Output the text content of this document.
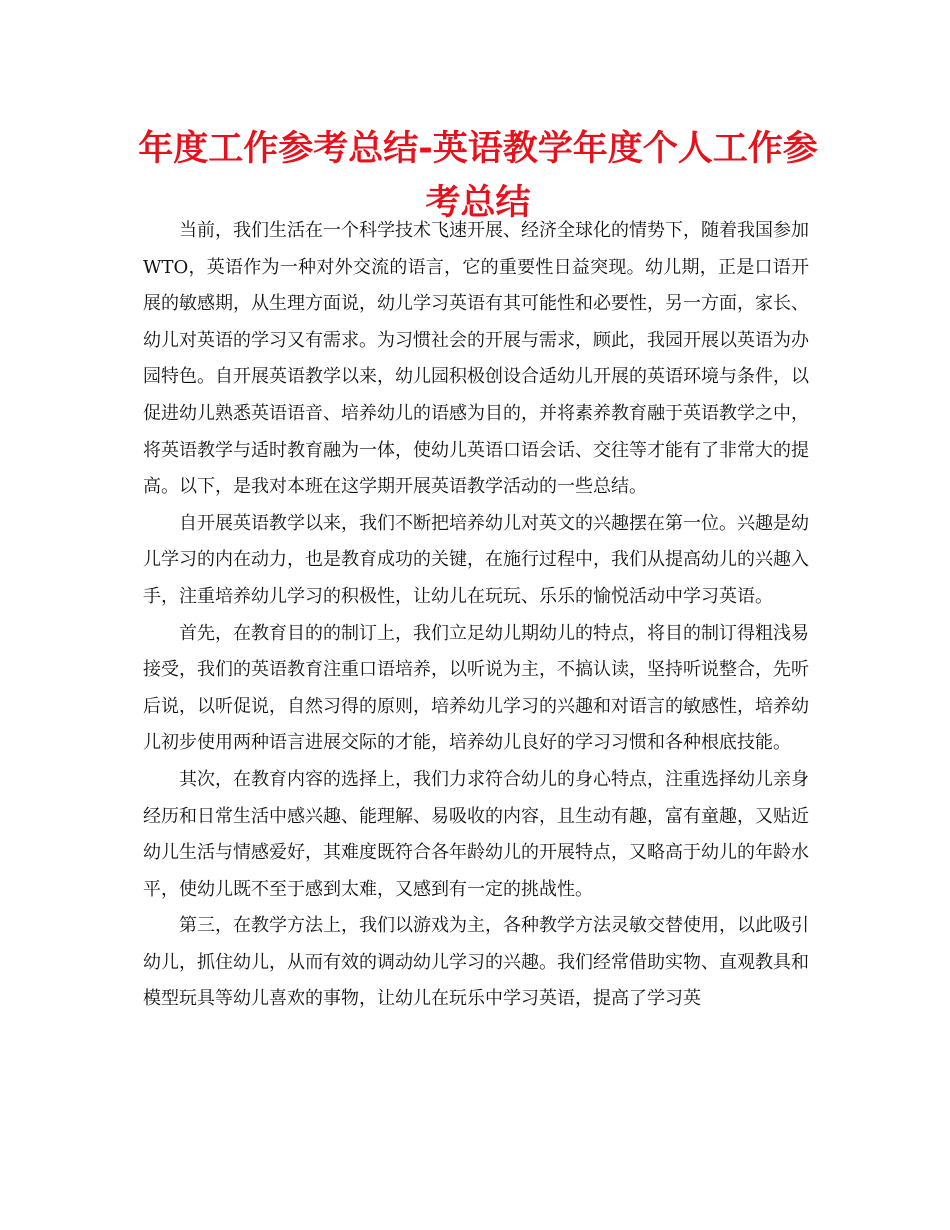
年度工作参考总结-英语教学年度个人工作参考总结

当前，我们生活在一个科学技术飞速开展、经济全球化的情势下，随着我国参加WTO，英语作为一种对外交流的语言，它的重要性日益突现。幼儿期，正是口语开展的敏感期，从生理方面说，幼儿学习英语有其可能性和必要性，另一方面，家长、幼儿对英语的学习又有需求。为习惯社会的开展与需求，顾此，我园开展以英语为办园特色。自开展英语教学以来，幼儿园积极创设合适幼儿开展的英语环境与条件，以促进幼儿熟悉英语语音、培养幼儿的语感为目的，并将素养教育融于英语教学之中，将英语教学与适时教育融为一体，使幼儿英语口语会话、交往等才能有了非常大的提高。以下，是我对本班在这学期开展英语教学活动的一些总结。

自开展英语教学以来，我们不断把培养幼儿对英文的兴趣摆在第一位。兴趣是幼儿学习的内在动力，也是教育成功的关键，在施行过程中，我们从提高幼儿的兴趣入手，注重培养幼儿学习的积极性，让幼儿在玩玩、乐乐的愉悦活动中学习英语。

首先，在教育目的的制订上，我们立足幼儿期幼儿的特点，将目的制订得粗浅易接受，我们的英语教育注重口语培养，以听说为主，不搞认读，坚持听说整合，先听后说，以听促说，自然习得的原则，培养幼儿学习的兴趣和对语言的敏感性，培养幼儿初步使用两种语言进展交际的才能，培养幼儿良好的学习习惯和各种根底技能。

其次，在教育内容的选择上，我们力求符合幼儿的身心特点，注重选择幼儿亲身经历和日常生活中感兴趣、能理解、易吸收的内容，且生动有趣，富有童趣，又贴近幼儿生活与情感爱好，其难度既符合各年龄幼儿的开展特点，又略高于幼儿的年龄水平，使幼儿既不至于感到太难，又感到有一定的挑战性。

第三，在教学方法上，我们以游戏为主，各种教学方法灵敏交替使用，以此吸引幼儿，抓住幼儿，从而有效的调动幼儿学习的兴趣。我们经常借助实物、直观教具和模型玩具等幼儿喜欢的事物，让幼儿在玩乐中学习英语，提高了学习英
